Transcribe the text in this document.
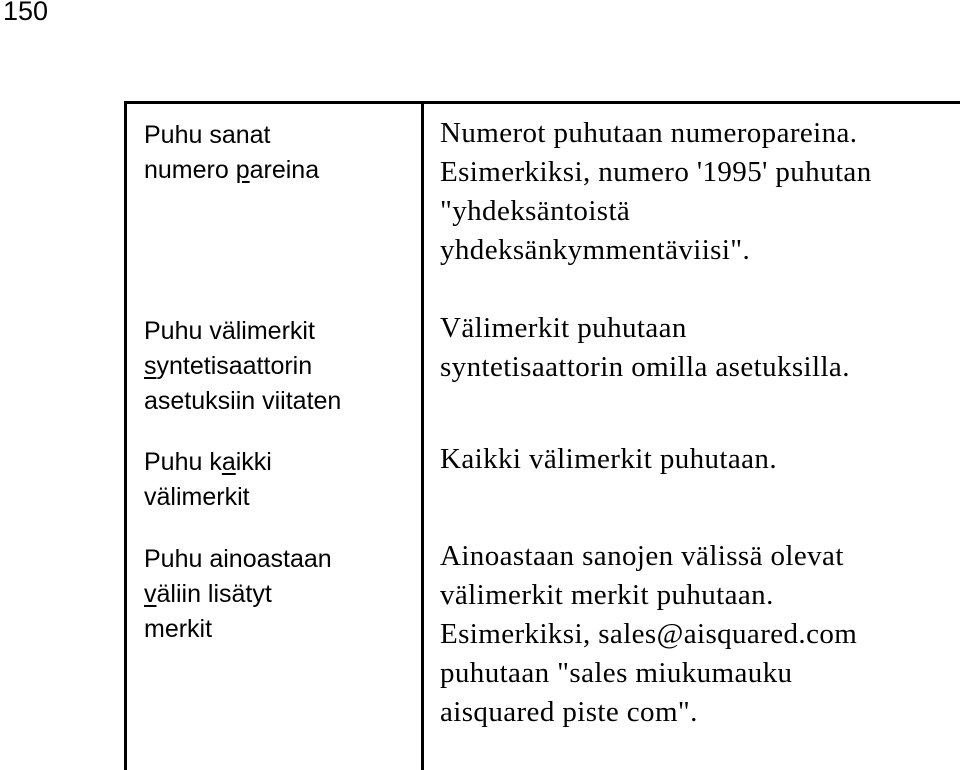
150
Puhu sanat
numero pareina	Numerot puhutaan numeropareina.
Esimerkiksi, numero '1995' puhutan
"yhdeksäntoistä
yhdeksänkymmentäviisi".

Puhu välimerkit
syntetisaattorin
asetuksiin viitaten	Välimerkit puhutaan
syntetisaattorin omilla asetuksilla.

Puhu kaikki
välimerkit	Kaikki välimerkit puhutaan.

Puhu ainoastaan
väliin lisätyt
merkit	Ainoastaan sanojen välissä olevat
välimerkit merkit puhutaan.
Esimerkiksi, sales@aisquared.com
puhutaan "sales miukumauku
aisquared piste com".
